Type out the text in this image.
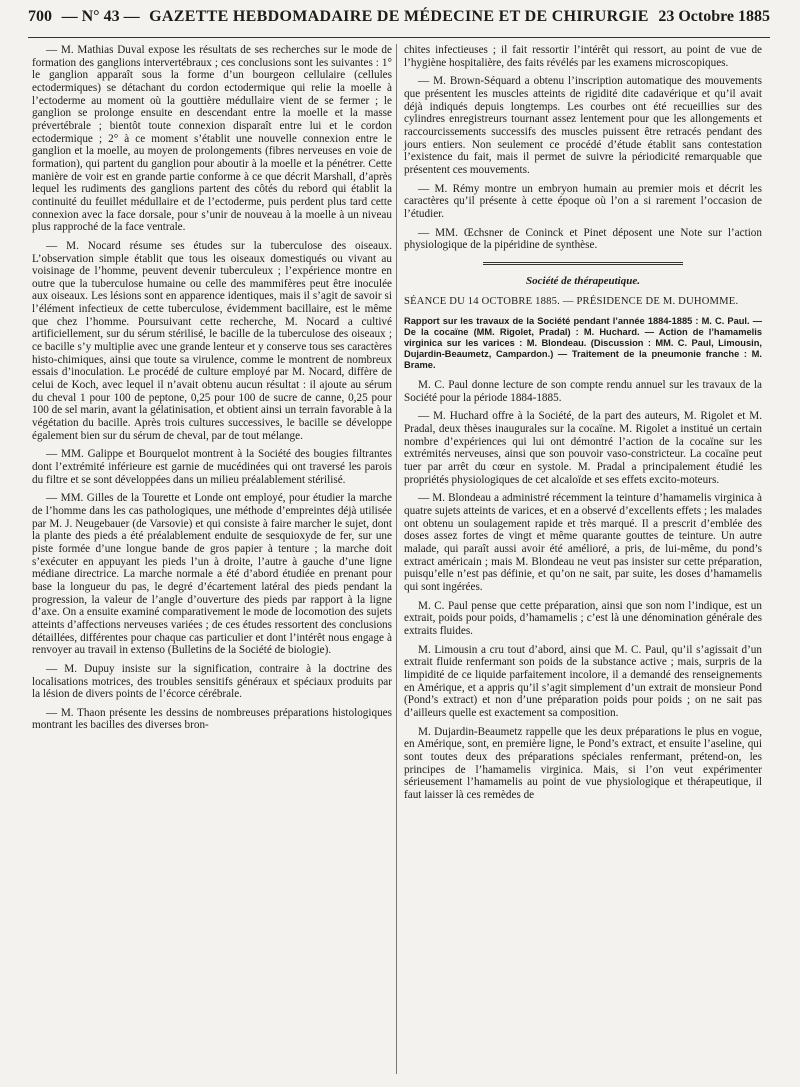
700 — N° 43 — GAZETTE HEBDOMADAIRE DE MÉDECINE ET DE CHIRURGIE 23 Octobre 1885

— M. Mathias Duval expose les résultats de ses recherches sur le mode de formation des ganglions intervertébraux ; ces conclusions sont les suivantes : 1° le ganglion apparaît sous la forme d’un bourgeon cellulaire (cellules ectodermiques) se détachant du cordon ectodermique qui relie la moelle à l’ectoderme au moment où la gouttière médullaire vient de se fermer ; le ganglion se prolonge ensuite en descendant entre la moelle et la masse prévertébrale ; bientôt toute connexion disparaît entre lui et le cordon ectodermique ; 2° à ce moment s’établit une nouvelle connexion entre le ganglion et la moelle, au moyen de prolongements (fibres nerveuses en voie de formation), qui partent du ganglion pour aboutir à la moelle et la pénétrer. Cette manière de voir est en grande partie conforme à ce que décrit Marshall, d’après lequel les rudiments des ganglions partent des côtés du rebord qui établit la continuité du feuillet médullaire et de l’ectoderme, puis perdent plus tard cette connexion avec la face dorsale, pour s’unir de nouveau à la moelle à un niveau plus rapproché de la face ventrale.

— M. Nocard résume ses études sur la tuberculose des oiseaux. L’observation simple établit que tous les oiseaux domestiqués ou vivant au voisinage de l’homme, peuvent devenir tuberculeux ; l’expérience montre en outre que la tuberculose humaine ou celle des mammifères peut être inoculée aux oiseaux. Les lésions sont en apparence identiques, mais il s’agit de savoir si l’élément infectieux de cette tuberculose, évidemment bacillaire, est le même que chez l’homme. Poursuivant cette recherche, M. Nocard a cultivé artificiellement, sur du sérum stérilisé, le bacille de la tuberculose des oiseaux ; ce bacille s’y multiplie avec une grande lenteur et y conserve tous ses caractères histo-chimiques, ainsi que toute sa virulence, comme le montrent de nombreux essais d’inoculation. Le procédé de culture employé par M. Nocard, diffère de celui de Koch, avec lequel il n’avait obtenu aucun résultat : il ajoute au sérum du cheval 1 pour 100 de peptone, 0,25 pour 100 de sucre de canne, 0,25 pour 100 de sel marin, avant la gélatinisation, et obtient ainsi un terrain favorable à la végétation du bacille. Après trois cultures successives, le bacille se développe également bien sur du sérum de cheval, par de tout mélange.

— MM. Galippe et Bourquelot montrent à la Société des bougies filtrantes dont l’extrémité inférieure est garnie de mucédinées qui ont traversé les parois du filtre et se sont développées dans un milieu préalablement stérilisé.

— MM. Gilles de la Tourette et Londe ont employé, pour étudier la marche de l’homme dans les cas pathologiques, une méthode d’empreintes déjà utilisée par M. J. Neugebauer (de Varsovie) et qui consiste à faire marcher le sujet, dont la plante des pieds a été préalablement enduite de sesquioxyde de fer, sur une piste formée d’une longue bande de gros papier à tenture ; la marche doit s’exécuter en appuyant les pieds l’un à droite, l’autre à gauche d’une ligne médiane directrice. La marche normale a été d’abord étudiée en prenant pour base la longueur du pas, le degré d’écartement latéral des pieds pendant la progression, la valeur de l’angle d’ouverture des pieds par rapport à la ligne d’axe. On a ensuite examiné comparativement le mode de locomotion des sujets atteints d’affections nerveuses variées ; de ces études ressortent des conclusions détaillées, différentes pour chaque cas particulier et dont l’intérêt nous engage à renvoyer au travail in extenso (Bulletins de la Société de biologie).

— M. Dupuy insiste sur la signification, contraire à la doctrine des localisations motrices, des troubles sensitifs généraux et spéciaux produits par la lésion de divers points de l’écorce cérébrale.

— M. Thaon présente les dessins de nombreuses préparations histologiques montrant les bacilles des diverses bron-

chites infectieuses ; il fait ressortir l’intérêt qui ressort, au point de vue de l’hygiène hospitalière, des faits révélés par les examens microscopiques.

— M. Brown-Séquard a obtenu l’inscription automatique des mouvements que présentent les muscles atteints de rigidité dite cadavérique et qu’il avait déjà indiqués depuis longtemps. Les courbes ont été recueillies sur des cylindres enregistreurs tournant assez lentement pour que les allongements et raccourcissements successifs des muscles puissent être retracés pendant des jours entiers. Non seulement ce procédé d’étude établit sans contestation l’existence du fait, mais il permet de suivre la périodicité remarquable que présentent ces mouvements.

— M. Rémy montre un embryon humain au premier mois et décrit les caractères qu’il présente à cette époque où l’on a si rarement l’occasion de l’étudier.

— MM. Œchsner de Coninck et Pinet déposent une Note sur l’action physiologique de la pipéridine de synthèse.

Société de thérapeutique.
SÉANCE DU 14 OCTOBRE 1885. — PRÉSIDENCE DE M. DUHOMME.
Rapport sur les travaux de la Société pendant l’année 1884-1885 : M. C. Paul. — De la cocaïne (MM. Rigolet, Pradal) : M. Huchard. — Action de l’hamamelis virginica sur les varices : M. Blondeau. (Discussion : MM. C. Paul, Limousin, Dujardin-Beaumetz, Campardon.) — Traitement de la pneumonie franche : M. Brame.

M. C. Paul donne lecture de son compte rendu annuel sur les travaux de la Société pour la période 1884-1885.

— M. Huchard offre à la Société, de la part des auteurs, M. Rigolet et M. Pradal, deux thèses inaugurales sur la cocaïne. M. Rigolet a institué un certain nombre d’expériences qui lui ont démontré l’action de la cocaïne sur les extrémités nerveuses, ainsi que son pouvoir vaso-constricteur. La cocaïne peut tuer par arrêt du cœur en systole. M. Pradal a principalement étudié les propriétés physiologiques de cet alcaloïde et ses effets excito-moteurs.

— M. Blondeau a administré récemment la teinture d’hamamelis virginica à quatre sujets atteints de varices, et en a observé d’excellents effets ; les malades ont obtenu un soulagement rapide et très marqué. Il a prescrit d’emblée des doses assez fortes de vingt et même quarante gouttes de teinture. Un autre malade, qui paraît aussi avoir été amélioré, a pris, de lui-même, du pond’s extract américain ; mais M. Blondeau ne veut pas insister sur cette préparation, puisqu’elle n’est pas définie, et qu’on ne sait, par suite, les doses d’hamamelis qui sont ingérées.

M. C. Paul pense que cette préparation, ainsi que son nom l’indique, est un extrait, poids pour poids, d’hamamelis ; c’est là une dénomination générale des extraits fluides.

M. Limousin a cru tout d’abord, ainsi que M. C. Paul, qu’il s’agissait d’un extrait fluide renfermant son poids de la substance active ; mais, surpris de la limpidité de ce liquide parfaitement incolore, il a demandé des renseignements en Amérique, et a appris qu’il s’agit simplement d’un extrait de monsieur Pond (Pond’s extract) et non d’une préparation poids pour poids ; on ne sait pas d’ailleurs quelle est exactement sa composition.

M. Dujardin-Beaumetz rappelle que les deux préparations le plus en vogue, en Amérique, sont, en première ligne, le Pond’s extract, et ensuite l’aseline, qui sont toutes deux des préparations spéciales renfermant, prétend-on, les principes de l’hamamelis virginica. Mais, si l’on veut expérimenter sérieusement l’hamamelis au point de vue physiologique et thérapeutique, il faut laisser là ces remèdes de
